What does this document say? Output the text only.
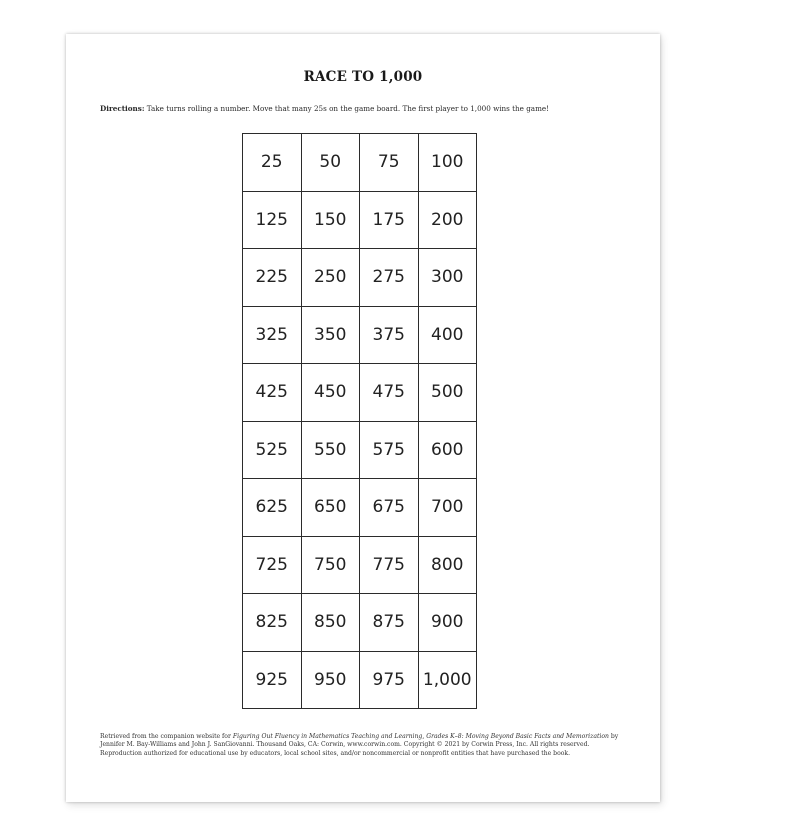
RACE TO 1,000
Directions: Take turns rolling a number. Move that many 25s on the game board. The first player to 1,000 wins the game!
25	50	75	100
125	150	175	200
225	250	275	300
325	350	375	400
425	450	475	500
525	550	575	600
625	650	675	700
725	750	775	800
825	850	875	900
925	950	975	1,000
Retrieved from the companion website for Figuring Out Fluency in Mathematics Teaching and Learning, Grades K–8: Moving Beyond Basic Facts and Memorization by Jennifer M. Bay-Williams and John J. SanGiovanni. Thousand Oaks, CA: Corwin, www.corwin.com. Copyright © 2021 by Corwin Press, Inc. All rights reserved. Reproduction authorized for educational use by educators, local school sites, and/or noncommercial or nonprofit entities that have purchased the book.
